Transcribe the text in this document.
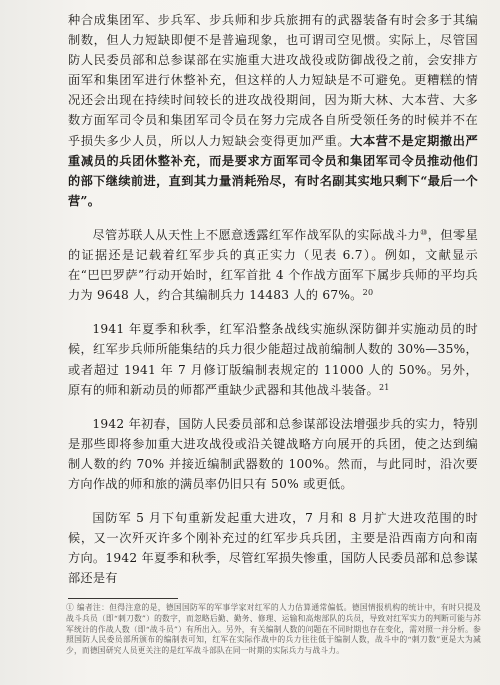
种合成集团军、步兵军、步兵师和步兵旅拥有的武器装备有时会多于其编制数，但人力短缺即便不是普遍现象，也可谓司空见惯。实际上，尽管国防人民委员部和总参谋部在实施重大进攻战役或防御战役之前，会安排方面军和集团军进行休整补充，但这样的人力短缺是不可避免。更糟糕的情况还会出现在持续时间较长的进攻战役期间，因为斯大林、大本营、大多数方面军司令员和集团军司令员在努力完成各自所受领任务的时候并不在乎损失多少人员，所以人力短缺会变得更加严重。大本营不是定期撤出严重减员的兵团休整补充，而是要求方面军司令员和集团军司令员推动他们的部下继续前进，直到其力量消耗殆尽，有时名副其实地只剩下“最后一个营”。

尽管苏联人从天性上不愿意透露红军作战军队的实际战斗力⑩，但零星的证据还是记载着红军步兵的真正实力（见表 6.7）。例如，文献显示在“巴巴罗萨”行动开始时，红军首批 4 个作战方面军下属步兵师的平均兵力为 9648 人，约合其编制兵力 14483 人的 67%。$^{20}$

1941 年夏季和秋季，红军沿整条战线实施纵深防御并实施动员的时候，红军步兵师所能集结的兵力很少能超过战前编制人数的 30%—35%，或者超过 1941 年 7 月修订版编制表规定的 11000 人的 50%。另外，原有的师和新动员的师都严重缺少武器和其他战斗装备。$^{21}$

1942 年初春，国防人民委员部和总参谋部设法增强步兵的实力，特别是那些即将参加重大进攻战役或沿关键战略方向展开的兵团，使之达到编制人数的约 70% 并接近编制武器数的 100%。然而，与此同时，沿次要方向作战的师和旅的满员率仍旧只有 50% 或更低。

国防军 5 月下旬重新发起重大进攻，7 月和 8 月扩大进攻范围的时候，又一次歼灭许多个刚补充过的红军步兵兵团，主要是沿西南方向和南方向。1942 年夏季和秋季，尽管红军损失惨重，国防人民委员部和总参谋部还是有

① 编者注：但得注意的是，德国国防军的军事学家对红军的人力估算通常偏低。德国情报机构的统计中，有时只提及战斗兵员（即“刺刀数”）的数字，而忽略后勤、勤务、修理、运输和高炮部队的兵员，导致对红军实力的判断可能与苏军统计的作战人数（即“战斗员”）有所出入。另外，有关编制人数的问题在不同时期也存在变化，需对照一并分析。参照国防人民委员部所颁布的编制表可知，红军在实际作战中的兵力往往低于编制人数，战斗中的“刺刀数”更是大为减少，而德国研究人员更关注的是红军战斗部队在同一时期的实际兵力与战斗力。
